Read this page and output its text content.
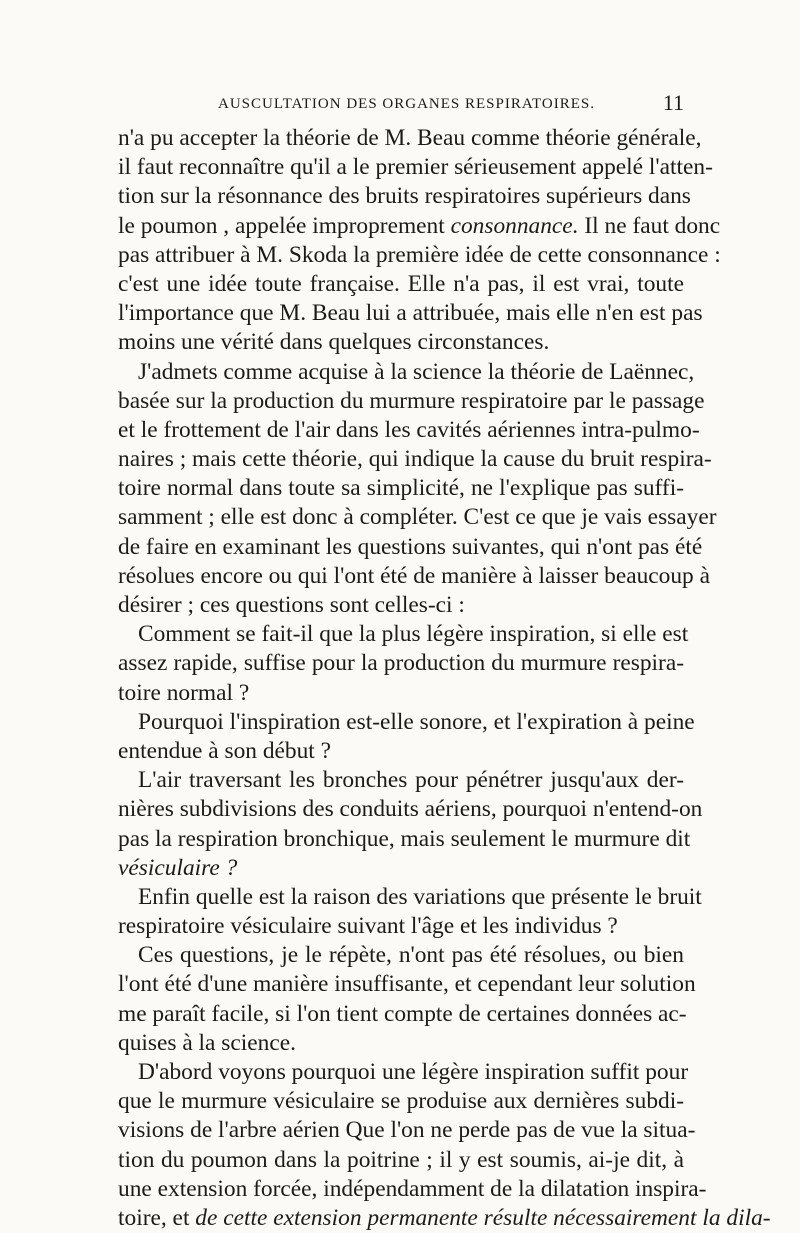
AUSCULTATION DES ORGANES RESPIRATOIRES.	11
n'a pu accepter la théorie de M. Beau comme théorie générale,
il faut reconnaître qu'il a le premier sérieusement appelé l'atten-
tion sur la résonnance des bruits respiratoires supérieurs dans
le poumon , appelée improprement consonnance. Il ne faut donc
pas attribuer à M. Skoda la première idée de cette consonnance :
c'est une idée toute française. Elle n'a pas, il est vrai, toute
l'importance que M. Beau lui a attribuée, mais elle n'en est pas
moins une vérité dans quelques circonstances.
J'admets comme acquise à la science la théorie de Laënnec,
basée sur la production du murmure respiratoire par le passage
et le frottement de l'air dans les cavités aériennes intra-pulmo-
naires ; mais cette théorie, qui indique la cause du bruit respira-
toire normal dans toute sa simplicité, ne l'explique pas suffi-
samment ; elle est donc à compléter. C'est ce que je vais essayer
de faire en examinant les questions suivantes, qui n'ont pas été
résolues encore ou qui l'ont été de manière à laisser beaucoup à
désirer ; ces questions sont celles-ci :
Comment se fait-il que la plus légère inspiration, si elle est
assez rapide, suffise pour la production du murmure respira-
toire normal ?
Pourquoi l'inspiration est-elle sonore, et l'expiration à peine
entendue à son début ?
L'air traversant les bronches pour pénétrer jusqu'aux der-
nières subdivisions des conduits aériens, pourquoi n'entend-on
pas la respiration bronchique, mais seulement le murmure dit
vésiculaire ?
Enfin quelle est la raison des variations que présente le bruit
respiratoire vésiculaire suivant l'âge et les individus ?
Ces questions, je le répète, n'ont pas été résolues, ou bien
l'ont été d'une manière insuffisante, et cependant leur solution
me paraît facile, si l'on tient compte de certaines données ac-
quises à la science.
D'abord voyons pourquoi une légère inspiration suffit pour
que le murmure vésiculaire se produise aux dernières subdi-
visions de l'arbre aérien Que l'on ne perde pas de vue la situa-
tion du poumon dans la poitrine ; il y est soumis, ai-je dit, à
une extension forcée, indépendamment de la dilatation inspira-
toire, et de cette extension permanente résulte nécessairement la dila-
